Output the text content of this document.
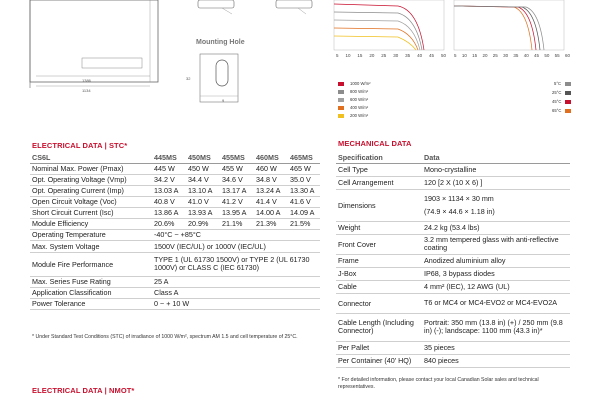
1386
1134
32
9
Mounting Hole
5 10 15 20 25 30 35 40 45 50 5 10 15 20 25 30 35 40 45 50 55 60
1000 W/m²
800 W/m²
600 W/m²
400 W/m²
200 W/m²
5°C
25°C
45°C
65°C
ELECTRICAL DATA | STC*
CS6L	445MS	450MS	455MS	460MS	465MS
Nominal Max. Power (Pmax)	445 W	450 W	455 W	460 W	465 W
Opt. Operating Voltage (Vmp)	34.2 V	34.4 V	34.6 V	34.8 V	35.0 V
Opt. Operating Current (Imp)	13.03 A	13.10 A	13.17 A	13.24 A	13.30 A
Open Circuit Voltage (Voc)	40.8 V	41.0 V	41.2 V	41.4 V	41.6 V
Short Circuit Current (Isc)	13.86 A	13.93 A	13.95 A	14.00 A	14.09 A
Module Efficiency	20.6%	20.9%	21.1%	21.3%	21.5%
Operating Temperature	-40°C ~ +85°C				
Max. System Voltage	1500V (IEC/UL) or 1000V (IEC/UL)				
Module Fire Performance	TYPE 1 (UL 61730 1500V) or TYPE 2 (UL 61730 1000V) or CLASS C (IEC 61730)				
Max. Series Fuse Rating	25 A				
Application Classification	Class A				
Power Tolerance	0 ~ + 10 W				
* Under Standard Test Conditions (STC) of irradiance of 1000 W/m², spectrum AM 1.5 and cell temperature of 25°C.
ELECTRICAL DATA | NMOT*
MECHANICAL DATA
Specification	Data
Cell Type	Mono-crystalline
Cell Arrangement	120 [2 X (10 X 6) ]
Dimensions	1903 × 1134 × 30 mm
(74.9 × 44.6 × 1.18 in)

Weight	24.2 kg (53.4 lbs)
Front Cover	3.2 mm tempered glass with anti-reflective coating
Frame	Anodized aluminium alloy
J-Box	IP68, 3 bypass diodes
Cable	4 mm² (IEC), 12 AWG (UL)
Connector	T6 or MC4 or MC4-EVO2 or MC4-EVO2A
Cable Length (Including Connector)	Portrait: 350 mm (13.8 in) (+) / 250 mm (9.8 in) (-); landscape: 1100 mm (43.3 in)*
Per Pallet	35 pieces
Per Container (40' HQ)	840 pieces
* For detailed information, please contact your local Canadian Solar sales and technical representatives.
